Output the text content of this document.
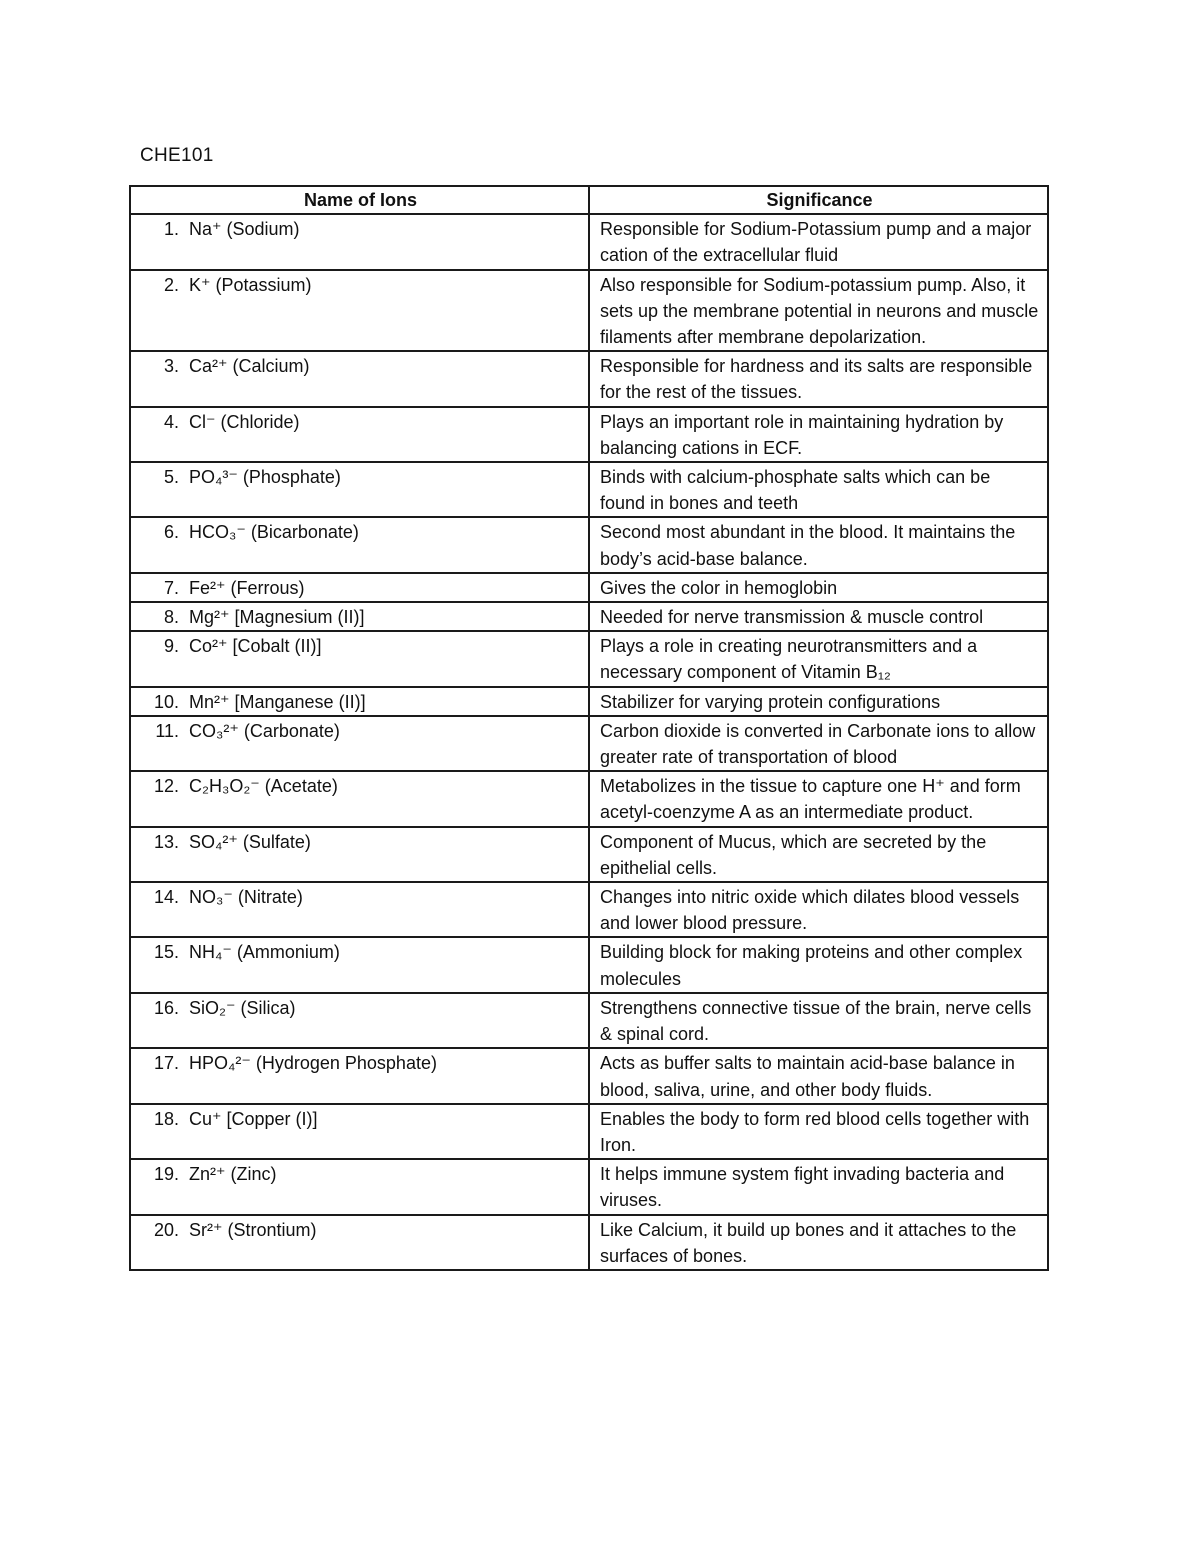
CHE101
Name of Ions	Significance

1. Na⁺ (Sodium)	Responsible for Sodium-Potassium pump and a major cation of the extracellular fluid

2. K⁺ (Potassium)	Also responsible for Sodium-potassium pump. Also, it sets up the membrane potential in neurons and muscle filaments after membrane depolarization.

3. Ca²⁺ (Calcium)	Responsible for hardness and its salts are responsible for the rest of the tissues.

4. Cl⁻ (Chloride)	Plays an important role in maintaining hydration by balancing cations in ECF.

5. PO₄³⁻ (Phosphate)	Binds with calcium-phosphate salts which can be found in bones and teeth

6. HCO₃⁻ (Bicarbonate)	Second most abundant in the blood. It maintains the body’s acid-base balance.

7. Fe²⁺ (Ferrous)	Gives the color in hemoglobin

8. Mg²⁺ [Magnesium (II)]	Needed for nerve transmission & muscle control

9. Co²⁺ [Cobalt (II)]	Plays a role in creating neurotransmitters and a necessary component of Vitamin B₁₂

10. Mn²⁺ [Manganese (II)]	Stabilizer for varying protein configurations

11. CO₃²⁺ (Carbonate)	Carbon dioxide is converted in Carbonate ions to allow greater rate of transportation of blood

12. C₂H₃O₂⁻ (Acetate)	Metabolizes in the tissue to capture one H⁺ and form acetyl-coenzyme A as an intermediate product.

13. SO₄²⁺ (Sulfate)	Component of Mucus, which are secreted by the epithelial cells.

14. NO₃⁻ (Nitrate)	Changes into nitric oxide which dilates blood vessels and lower blood pressure.

15. NH₄⁻ (Ammonium)	Building block for making proteins and other complex molecules

16. SiO₂⁻ (Silica)	Strengthens connective tissue of the brain, nerve cells & spinal cord.

17. HPO₄²⁻ (Hydrogen Phosphate)	Acts as buffer salts to maintain acid-base balance in blood, saliva, urine, and other body fluids.

18. Cu⁺ [Copper (I)]	Enables the body to form red blood cells together with Iron.

19. Zn²⁺ (Zinc)	It helps immune system fight invading bacteria and viruses.

20. Sr²⁺ (Strontium)	Like Calcium, it build up bones and it attaches to the surfaces of bones.
